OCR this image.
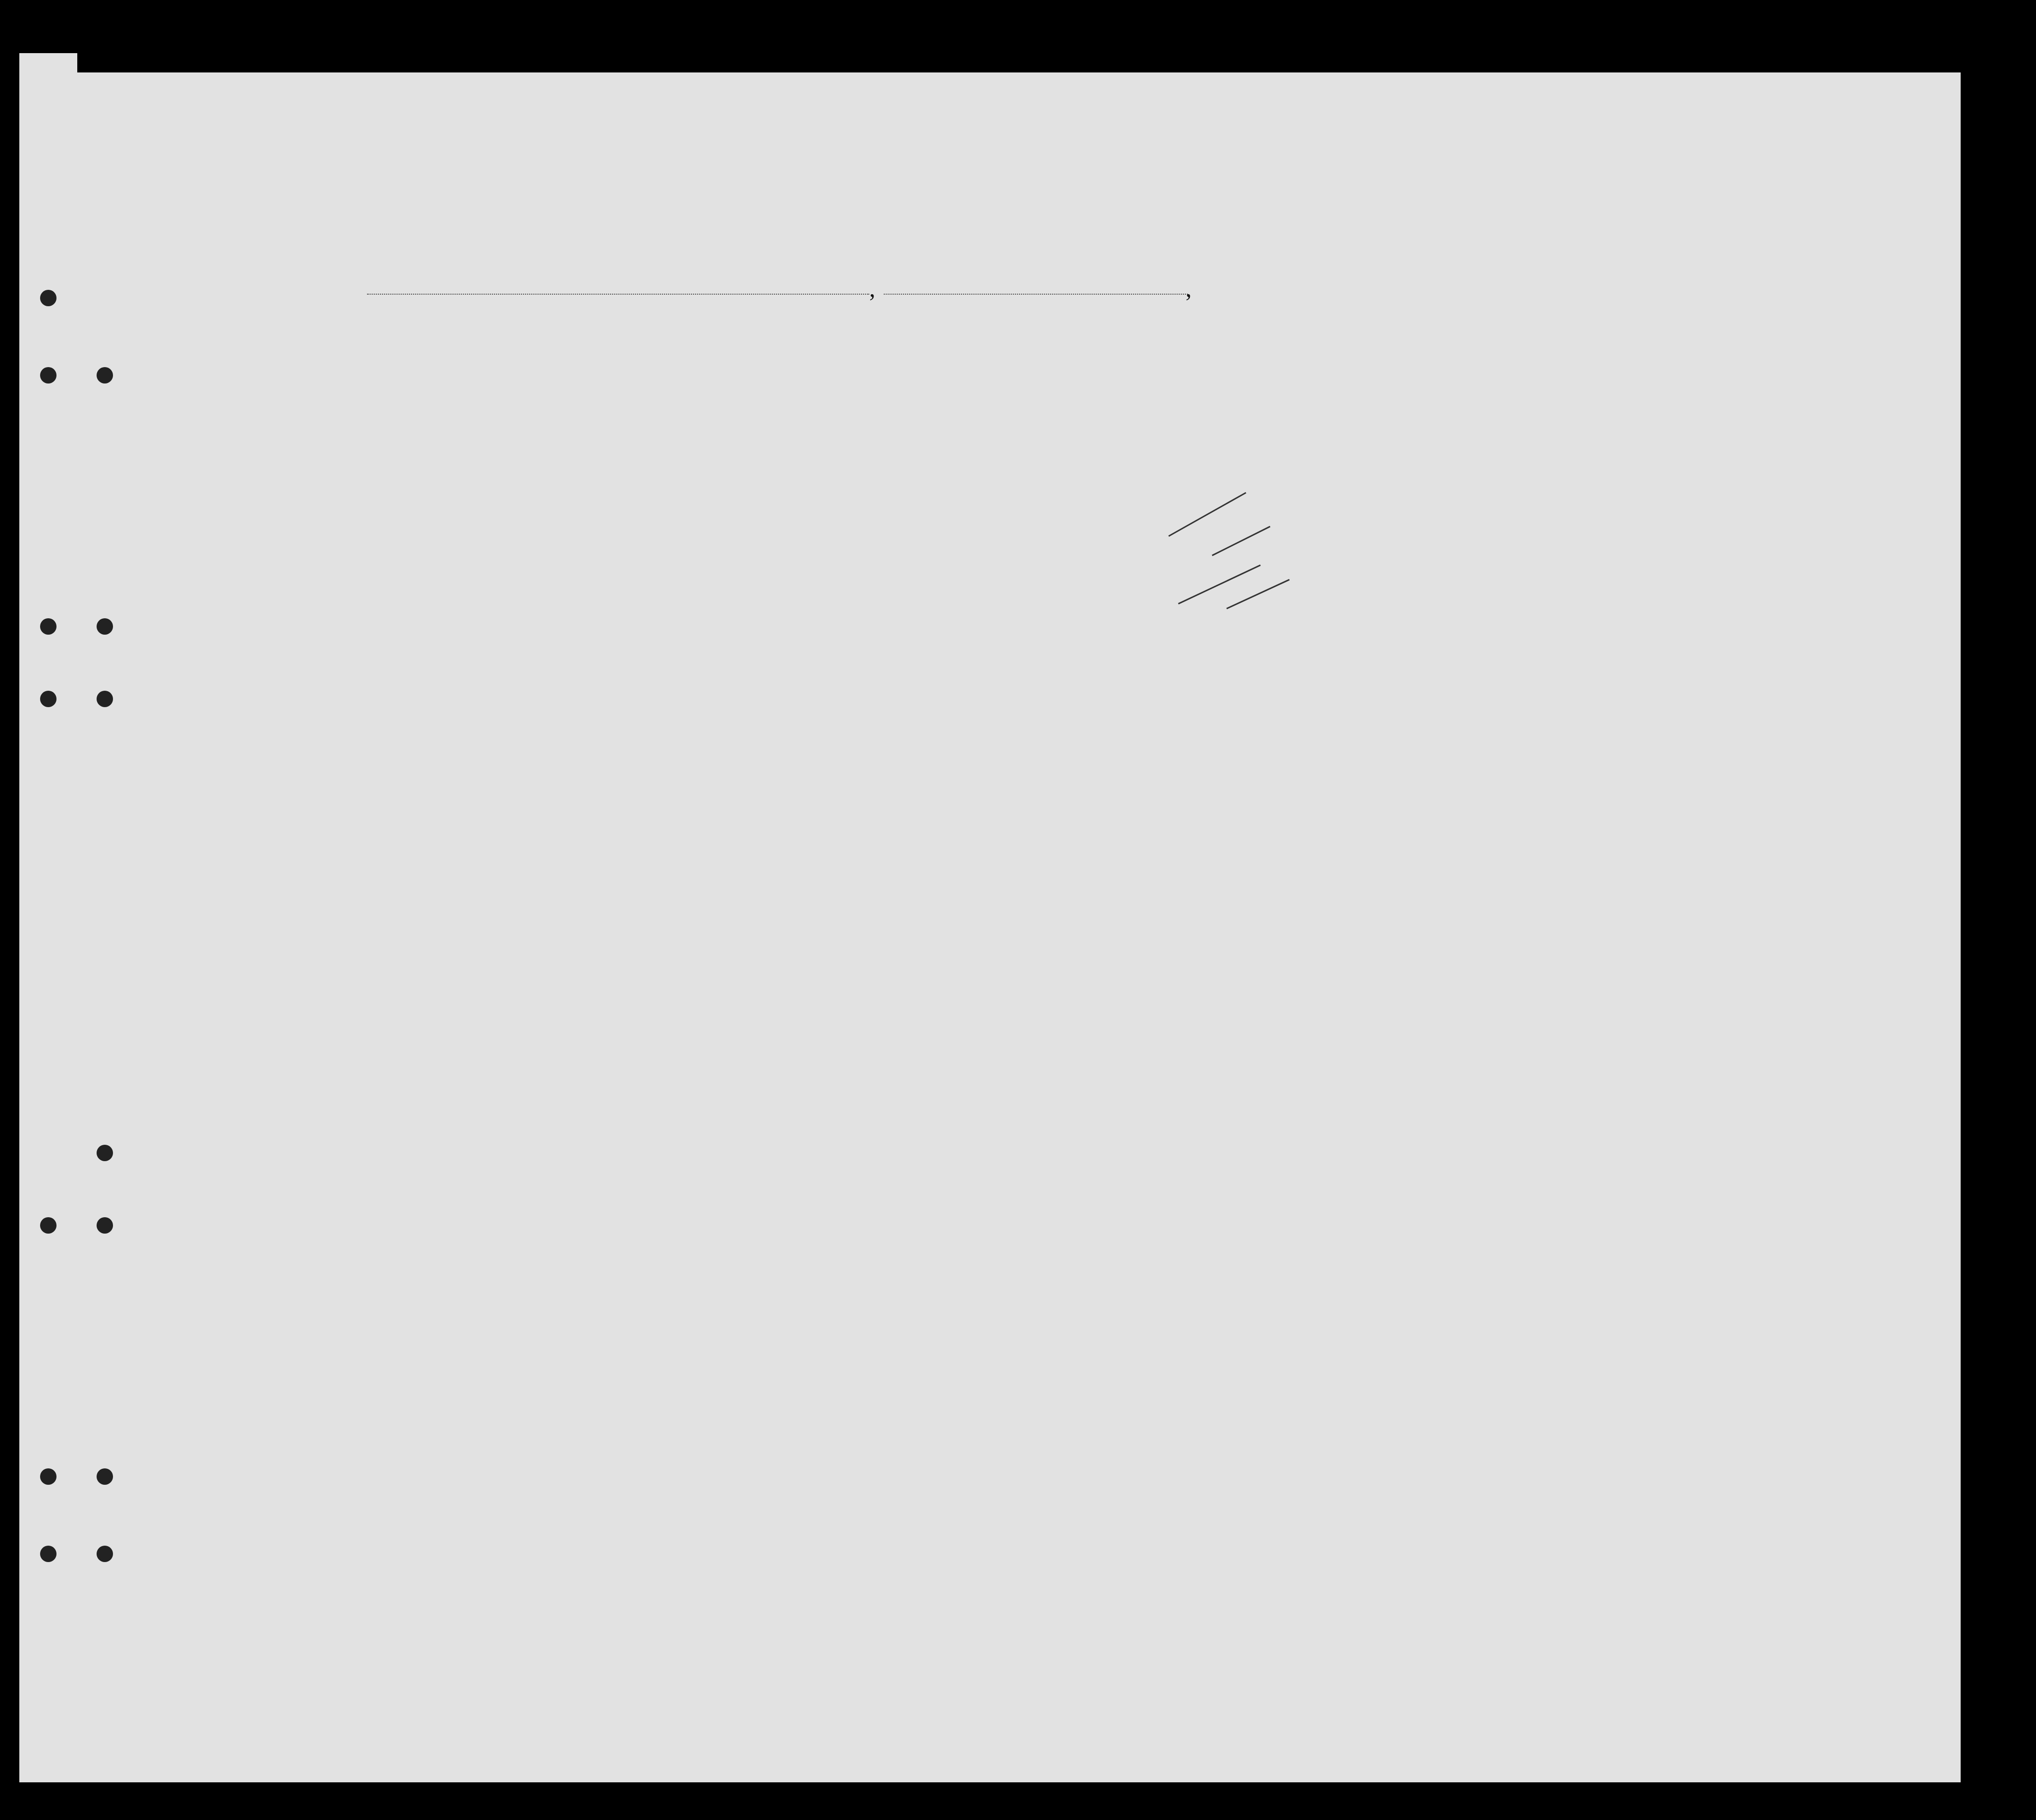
,	,
